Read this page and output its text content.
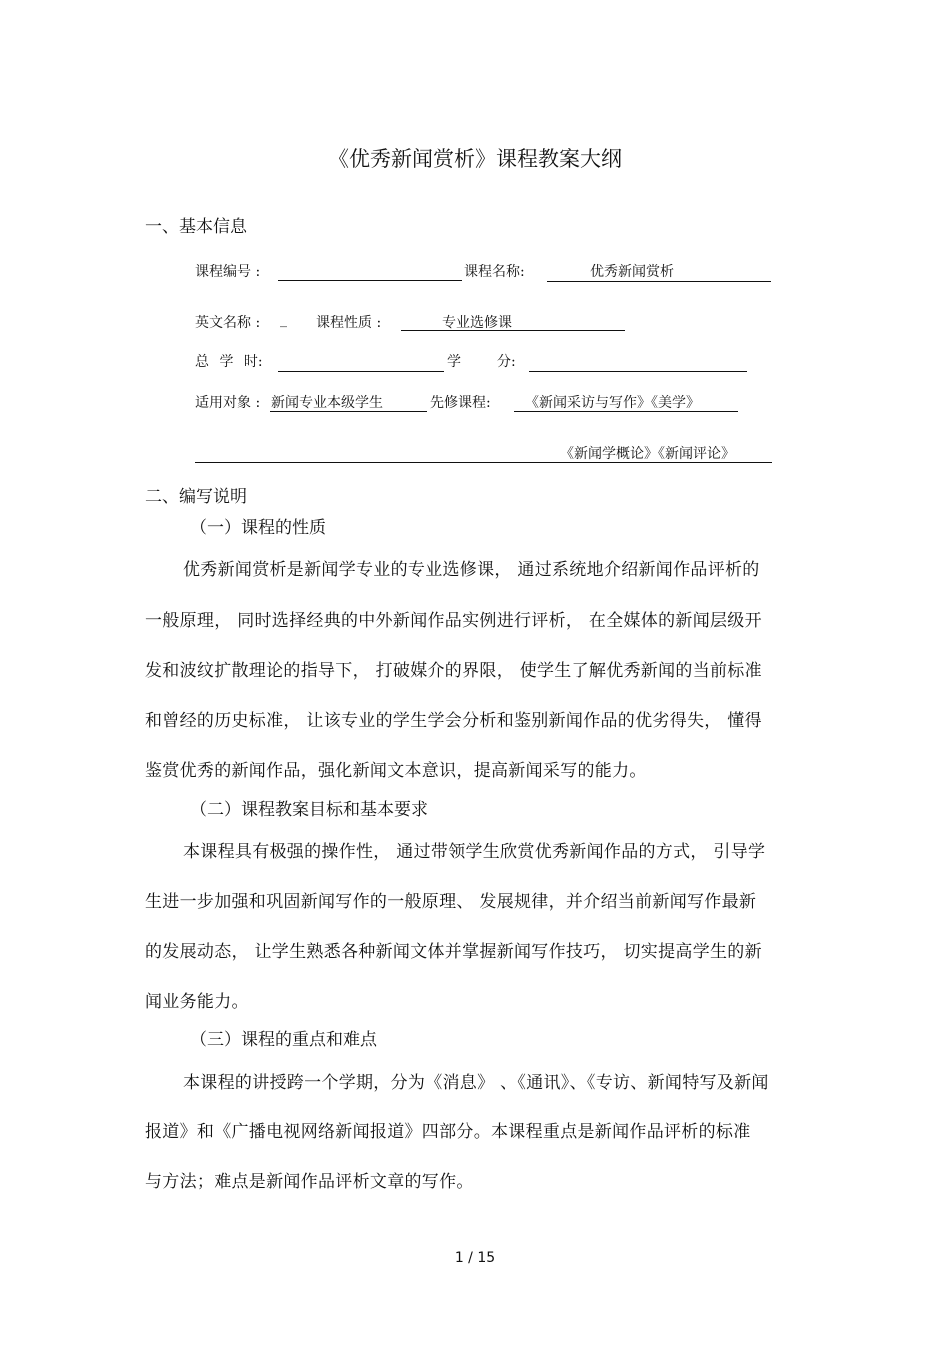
《优秀新闻赏析》课程教案大纲
一、基本信息
课程编号 :	课程名称:	优秀新闻赏析
英文名称 : _ 课程性质 :	专业选修课
总 学 时:	学	分:
适用对象 : 新闻专业本级学生	先修课程: 《新闻采访与写作》《美学》
《新闻学概论》《新闻评论》
二、编写说明
（一）课程的性质
优秀新闻赏析是新闻学专业的专业选修课， 通过系统地介绍新闻作品评析的
一般原理， 同时选择经典的中外新闻作品实例进行评析， 在全媒体的新闻层级开
发和波纹扩散理论的指导下， 打破媒介的界限， 使学生了解优秀新闻的当前标准
和曾经的历史标准， 让该专业的学生学会分析和鉴别新闻作品的优劣得失， 懂得
鉴赏优秀的新闻作品，强化新闻文本意识，提高新闻采写的能力。
（二）课程教案目标和基本要求
本课程具有极强的操作性， 通过带领学生欣赏优秀新闻作品的方式， 引导学
生进一步加强和巩固新闻写作的一般原理、 发展规律，并介绍当前新闻写作最新
的发展动态， 让学生熟悉各种新闻文体并掌握新闻写作技巧， 切实提高学生的新
闻业务能力。
（三）课程的重点和难点
本课程的讲授跨一个学期，分为《消息》 、《通讯》、《专访、新闻特写及新闻
报道》和《广播电视网络新闻报道》四部分。本课程重点是新闻作品评析的标准
与方法；难点是新闻作品评析文章的写作。
1 / 15
